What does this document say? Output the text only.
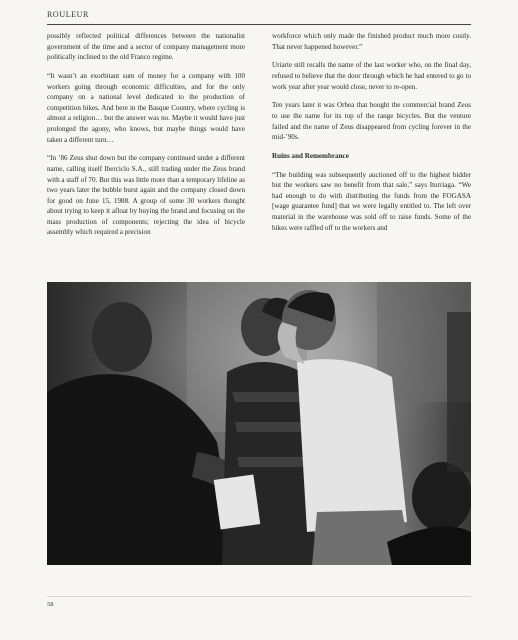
ROULEUR

possibly reflected political differences between the nationalist government of the time and a sector of company management more politically inclined to the old Franco regime.

“It wasn’t an exorbitant sum of money for a company with 100 workers going through economic difficulties, and for the only company on a national level dedicated to the production of competition bikes. And here in the Basque Country, where cycling is almost a religion… but the answer was no. Maybe it would have just prolonged the agony, who knows, but maybe things would have taken a different turn…

“In ’86 Zeus shut down but the company continued under a different name, calling itself Iberciclo S.A., still trading under the Zeus brand with a staff of 70. But this was little more than a temporary lifeline as two years later the bubble burst again and the company closed down for good on June 15, 1988. A group of some 30 workers thought about trying to keep it afloat by buying the brand and focusing on the mass production of components; rejecting the idea of bicycle assembly which required a precision

workforce which only made the finished product much more costly. That never happened however.”

Uriarte still recalls the name of the last worker who, on the final day, refused to believe that the door through which he had entered to go to work year after year would close, never to re-open.

Ten years later it was Orbea that bought the commercial brand Zeus to use the name for its top of the range bicycles. But the venture failed and the name of Zeus disappeared from cycling forever in the mid-’90s.

Ruins and Remembrance

“The building was subsequently auctioned off to the highest bidder but the workers saw no benefit from that sale,” says Iturriaga. “We had enough to do with distributing the funds from the FOGASA [wage guarantee fund] that we were legally entitled to. The left over material in the warehouse was sold off to raise funds. Some of the bikes were raffled off to the workers and

58
